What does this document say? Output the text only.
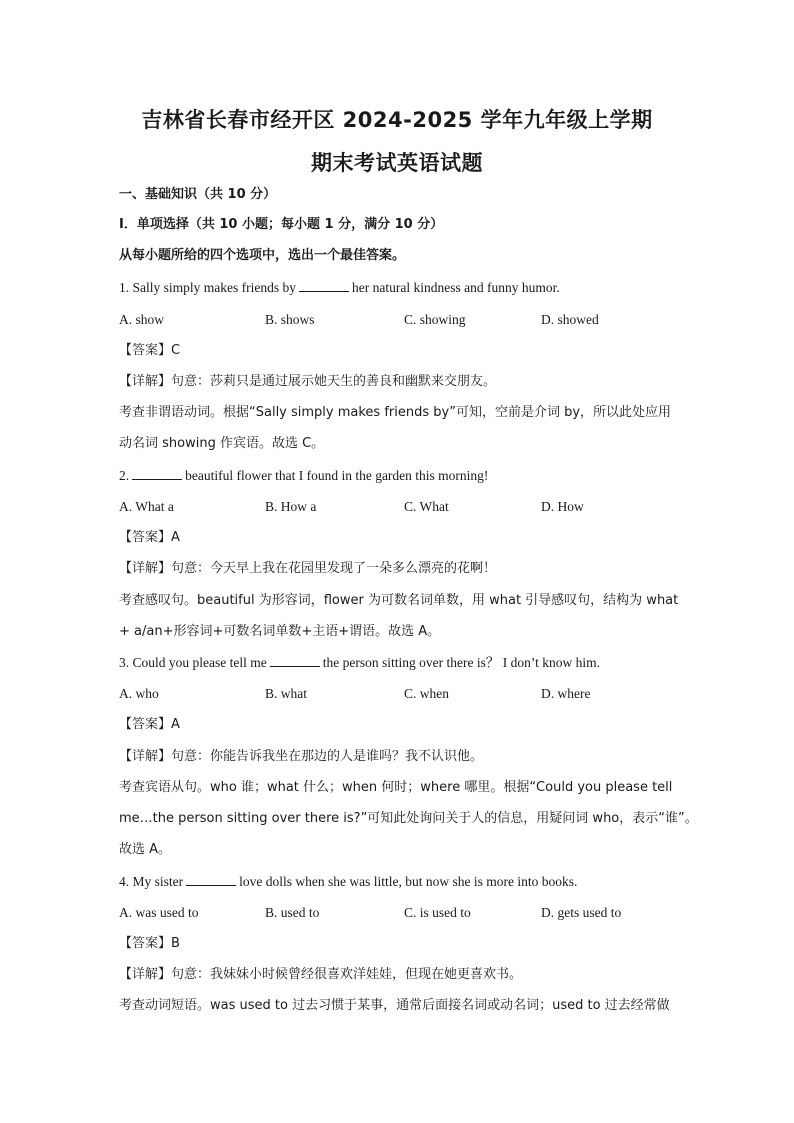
吉林省长春市经开区 2024-2025 学年九年级上学期
期末考试英语试题
一、基础知识（共 10 分）
Ⅰ．单项选择（共 10 小题；每小题 1 分，满分 10 分）
从每小题所给的四个选项中，选出一个最佳答案。
1. Sally simply makes friends by	her natural kindness and funny humor.
A. show	B. shows	C. showing	D. showed
【答案】C
【详解】句意：莎莉只是通过展示她天生的善良和幽默来交朋友。
考查非谓语动词。根据“Sally simply makes friends by”可知，空前是介词 by，所以此处应用
动名词 showing 作宾语。故选 C。
2.	beautiful flower that I found in the garden this morning!
A. What a	B. How a	C. What	D. How
【答案】A
【详解】句意：今天早上我在花园里发现了一朵多么漂亮的花啊！
考查感叹句。beautiful 为形容词，flower 为可数名词单数，用 what 引导感叹句，结构为 what
+ a/an+形容词+可数名词单数+主语+谓语。故选 A。
3. Could you please tell me	the person sitting over there is？ I don’t know him.
A. who	B. what	C. when	D. where
【答案】A
【详解】句意：你能告诉我坐在那边的人是谁吗？我不认识他。
考查宾语从句。who 谁；what 什么；when 何时；where 哪里。根据“Could you please tell
me…the person sitting over there is?”可知此处询问关于人的信息，用疑问词 who，表示“谁”。
故选 A。
4. My sister	love dolls when she was little, but now she is more into books.
A. was used to	B. used to	C. is used to	D. gets used to
【答案】B
【详解】句意：我妹妹小时候曾经很喜欢洋娃娃，但现在她更喜欢书。
考查动词短语。was used to 过去习惯于某事，通常后面接名词或动名词；used to 过去经常做
